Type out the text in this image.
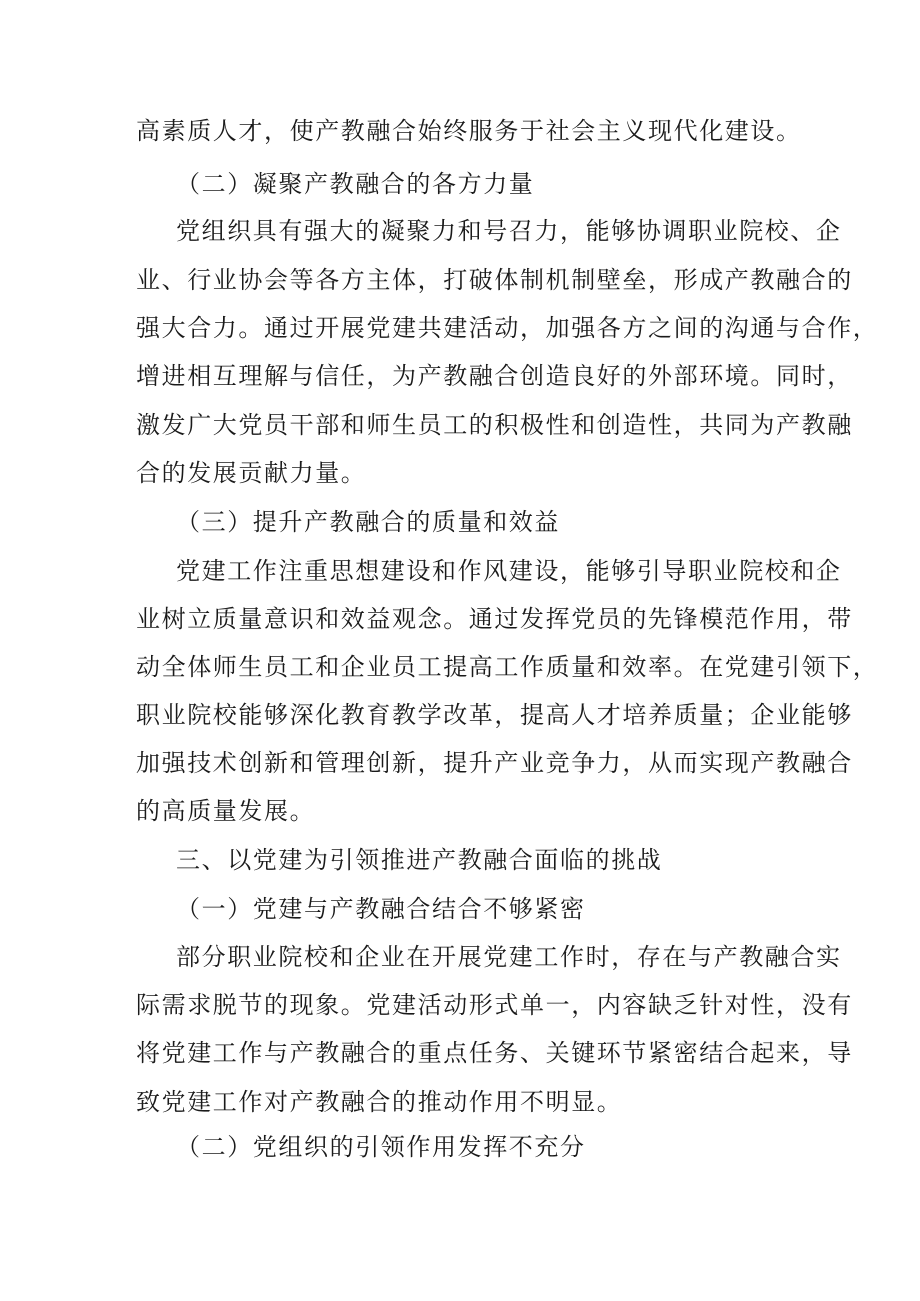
高素质人才，使产教融合始终服务于社会主义现代化建设。

（二）凝聚产教融合的各方力量

党组织具有强大的凝聚力和号召力，能够协调职业院校、企

业、行业协会等各方主体，打破体制机制壁垒，形成产教融合的

强大合力。通过开展党建共建活动，加强各方之间的沟通与合作，

增进相互理解与信任，为产教融合创造良好的外部环境。同时，

激发广大党员干部和师生员工的积极性和创造性，共同为产教融

合的发展贡献力量。

（三）提升产教融合的质量和效益

党建工作注重思想建设和作风建设，能够引导职业院校和企

业树立质量意识和效益观念。通过发挥党员的先锋模范作用，带

动全体师生员工和企业员工提高工作质量和效率。在党建引领下，

职业院校能够深化教育教学改革，提高人才培养质量；企业能够

加强技术创新和管理创新，提升产业竞争力，从而实现产教融合

的高质量发展。

三、以党建为引领推进产教融合面临的挑战

（一）党建与产教融合结合不够紧密

部分职业院校和企业在开展党建工作时，存在与产教融合实

际需求脱节的现象。党建活动形式单一，内容缺乏针对性，没有

将党建工作与产教融合的重点任务、关键环节紧密结合起来，导

致党建工作对产教融合的推动作用不明显。

（二）党组织的引领作用发挥不充分
